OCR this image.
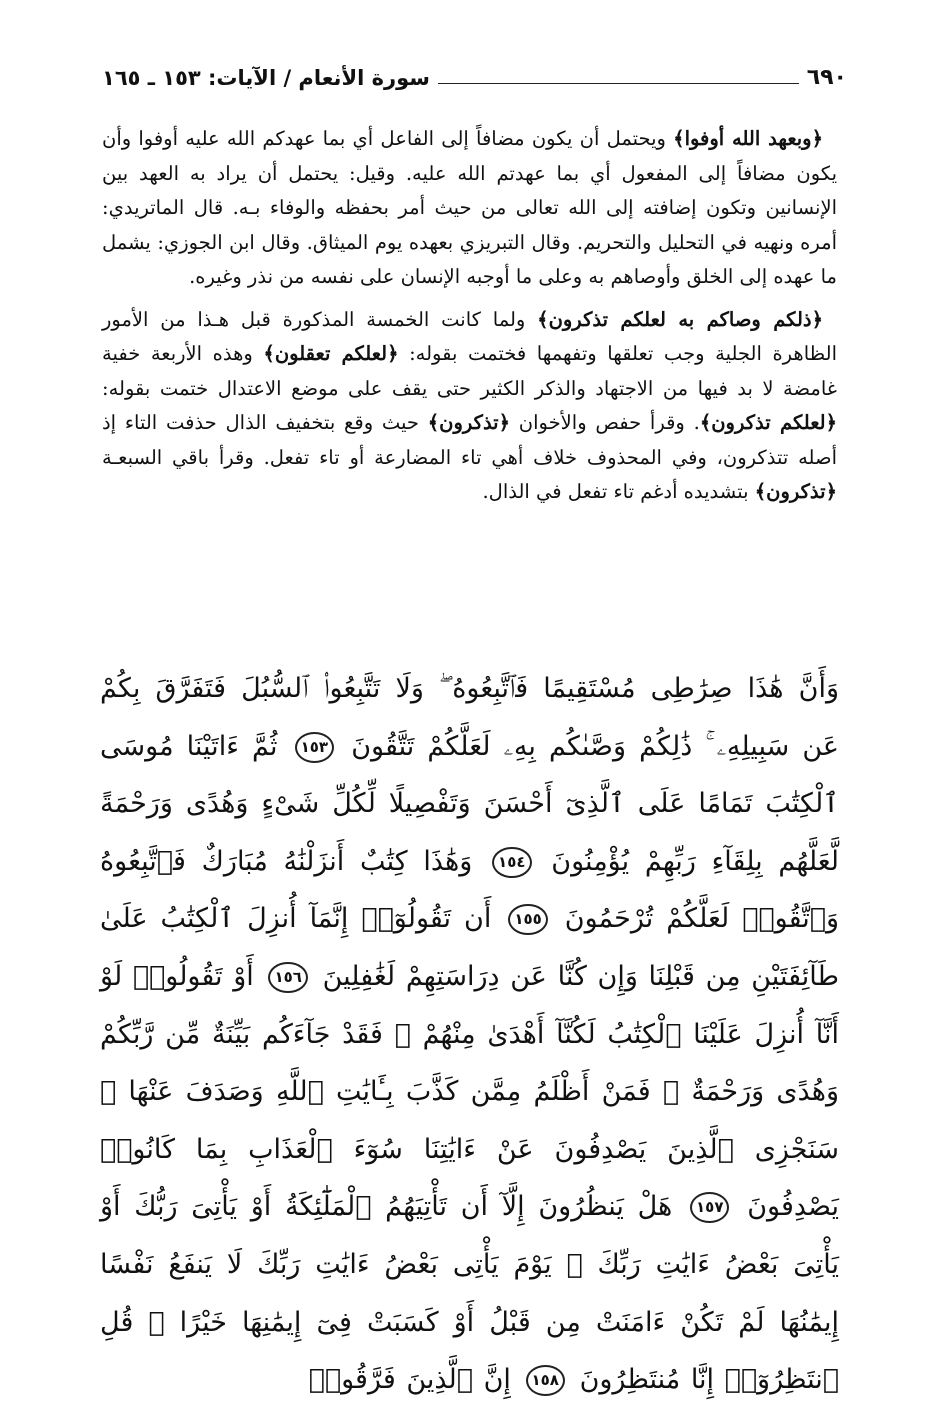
٦٩٠
سورة الأنعام / الآيات: ١٥٣ ـ ١٦٥

﴿وبعهد الله أوفوا﴾ ويحتمل أن يكون مضافاً إلى الفاعل أي بما عهدكم الله عليه أوفوا وأن يكون مضافاً إلى المفعول أي بما عهدتم الله عليه. وقيل: يحتمل أن يراد به العهد بين الإنسانين وتكون إضافته إلى الله تعالى من حيث أمر بحفظه والوفاء بـه. قال الماتريدي: أمره ونهيه في التحليل والتحريم. وقال التبريزي بعهده يوم الميثاق. وقال ابن الجوزي: يشمل ما عهده إلى الخلق وأوصاهم به وعلى ما أوجبه الإنسان على نفسه من نذر وغيره.

﴿ذلكم وصاكم به لعلكم تذكرون﴾ ولما كانت الخمسة المذكورة قبل هـذا من الأمور الظاهرة الجلية وجب تعلقها وتفهمها فختمت بقوله: ﴿لعلكم تعقلون﴾ وهذه الأربعة خفية غامضة لا بد فيها من الاجتهاد والذكر الكثير حتى يقف على موضع الاعتدال ختمت بقوله: ﴿لعلكم تذكرون﴾. وقرأ حفص والأخوان ﴿تذكرون﴾ حيث وقع بتخفيف الذال حذفت التاء إذ أصله تتذكرون، وفي المحذوف خلاف أهي تاء المضارعة أو تاء تفعل. وقرأ باقي السبعـة ﴿تذكرون﴾ بتشديده أدغم تاء تفعل في الذال.

وَأَنَّ هَٰذَا صِرَٰطِى مُسْتَقِيمًا فَٱتَّبِعُوهُ ۖ وَلَا تَتَّبِعُوا۟ ٱلسُّبُلَ فَتَفَرَّقَ بِكُمْ عَن سَبِيلِهِۦ ۚ ذَٰلِكُمْ وَصَّىٰكُم بِهِۦ لَعَلَّكُمْ تَتَّقُونَ ١٥٣ ثُمَّ ءَاتَيْنَا مُوسَى ٱلْكِتَٰبَ تَمَامًا عَلَى ٱلَّذِىٓ أَحْسَنَ وَتَفْصِيلًا لِّكُلِّ شَىْءٍ وَهُدًى وَرَحْمَةً لَّعَلَّهُم بِلِقَآءِ رَبِّهِمْ يُؤْمِنُونَ ١٥٤ وَهَٰذَا كِتَٰبٌ أَنزَلْنَٰهُ مُبَارَكٌ فَٱتَّبِعُوهُ وَٱتَّقُوا۟ لَعَلَّكُمْ تُرْحَمُونَ ١٥٥ أَن تَقُولُوٓا۟ إِنَّمَآ أُنزِلَ ٱلْكِتَٰبُ عَلَىٰ طَآئِفَتَيْنِ مِن قَبْلِنَا وَإِن كُنَّا عَن دِرَاسَتِهِمْ لَغَٰفِلِينَ ١٥٦ أَوْ تَقُولُوا۟ لَوْ أَنَّآ أُنزِلَ عَلَيْنَا ٱلْكِتَٰبُ لَكُنَّآ أَهْدَىٰ مِنْهُمْ ۚ فَقَدْ جَآءَكُم بَيِّنَةٌ مِّن رَّبِّكُمْ وَهُدًى وَرَحْمَةٌ ۚ فَمَنْ أَظْلَمُ مِمَّن كَذَّبَ بِـَٔايَٰتِ ٱللَّهِ وَصَدَفَ عَنْهَا ۗ سَنَجْزِى ٱلَّذِينَ يَصْدِفُونَ عَنْ ءَايَٰتِنَا سُوٓءَ ٱلْعَذَابِ بِمَا كَانُوا۟ يَصْدِفُونَ ١٥٧ هَلْ يَنظُرُونَ إِلَّآ أَن تَأْتِيَهُمُ ٱلْمَلَٰٓئِكَةُ أَوْ يَأْتِىَ رَبُّكَ أَوْ يَأْتِىَ بَعْضُ ءَايَٰتِ رَبِّكَ ۗ يَوْمَ يَأْتِى بَعْضُ ءَايَٰتِ رَبِّكَ لَا يَنفَعُ نَفْسًا إِيمَٰنُهَا لَمْ تَكُنْ ءَامَنَتْ مِن قَبْلُ أَوْ كَسَبَتْ فِىٓ إِيمَٰنِهَا خَيْرًا ۗ قُلِ ٱنتَظِرُوٓا۟ إِنَّا مُنتَظِرُونَ ١٥٨ إِنَّ ٱلَّذِينَ فَرَّقُوا۟
